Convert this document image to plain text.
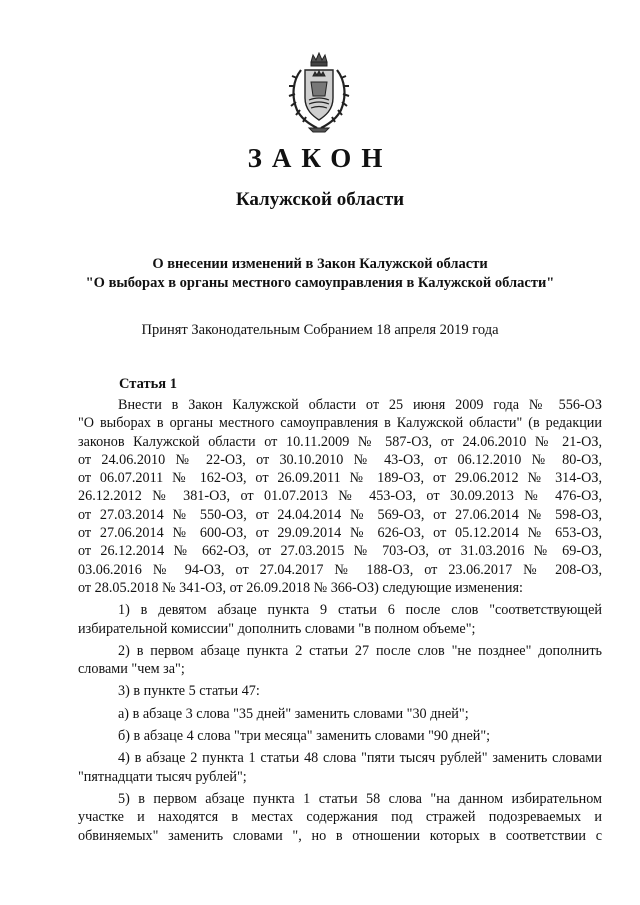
ЗАКОН
Калужской области
О внесении изменений в Закон Калужской области
"О выборах в органы местного самоуправления в Калужской области"
Принят Законодательным Собранием 18 апреля 2019 года
Статья 1
Внести в Закон Калужской области от 25 июня 2009 года № 556-ОЗ
"О выборах в органы местного самоуправления в Калужской области" (в редакции
законов Калужской области от 10.11.2009 № 587-ОЗ, от 24.06.2010 № 21-ОЗ,
от 24.06.2010 № 22-ОЗ, от 30.10.2010 № 43-ОЗ, от 06.12.2010 № 80-ОЗ,
от 06.07.2011 № 162-ОЗ, от 26.09.2011 № 189-ОЗ, от 29.06.2012 № 314-ОЗ,
26.12.2012 № 381-ОЗ, от 01.07.2013 № 453-ОЗ, от 30.09.2013 № 476-ОЗ,
от 27.03.2014 № 550-ОЗ, от 24.04.2014 № 569-ОЗ, от 27.06.2014 № 598-ОЗ,
от 27.06.2014 № 600-ОЗ, от 29.09.2014 № 626-ОЗ, от 05.12.2014 № 653-ОЗ,
от 26.12.2014 № 662-ОЗ, от 27.03.2015 № 703-ОЗ, от 31.03.2016 № 69-ОЗ,
03.06.2016 № 94-ОЗ, от 27.04.2017 № 188-ОЗ, от 23.06.2017 № 208-ОЗ,
от 28.05.2018 № 341-ОЗ, от 26.09.2018 № 366-ОЗ) следующие изменения:
1) в девятом абзаце пункта 9 статьи 6 после слов "соответствующей
избирательной комиссии" дополнить словами "в полном объеме";
2) в первом абзаце пункта 2 статьи 27 после слов "не позднее" дополнить
словами "чем за";
3) в пункте 5 статьи 47:
а) в абзаце 3 слова "35 дней" заменить словами "30 дней";
б) в абзаце 4 слова "три месяца" заменить словами "90 дней";
4) в абзаце 2 пункта 1 статьи 48 слова "пяти тысяч рублей" заменить словами
"пятнадцати тысяч рублей";
5) в первом абзаце пункта 1 статьи 58 слова "на данном избирательном
участке и находятся в местах содержания под стражей подозреваемых и
обвиняемых" заменить словами ", но в отношении которых в соответствии с
